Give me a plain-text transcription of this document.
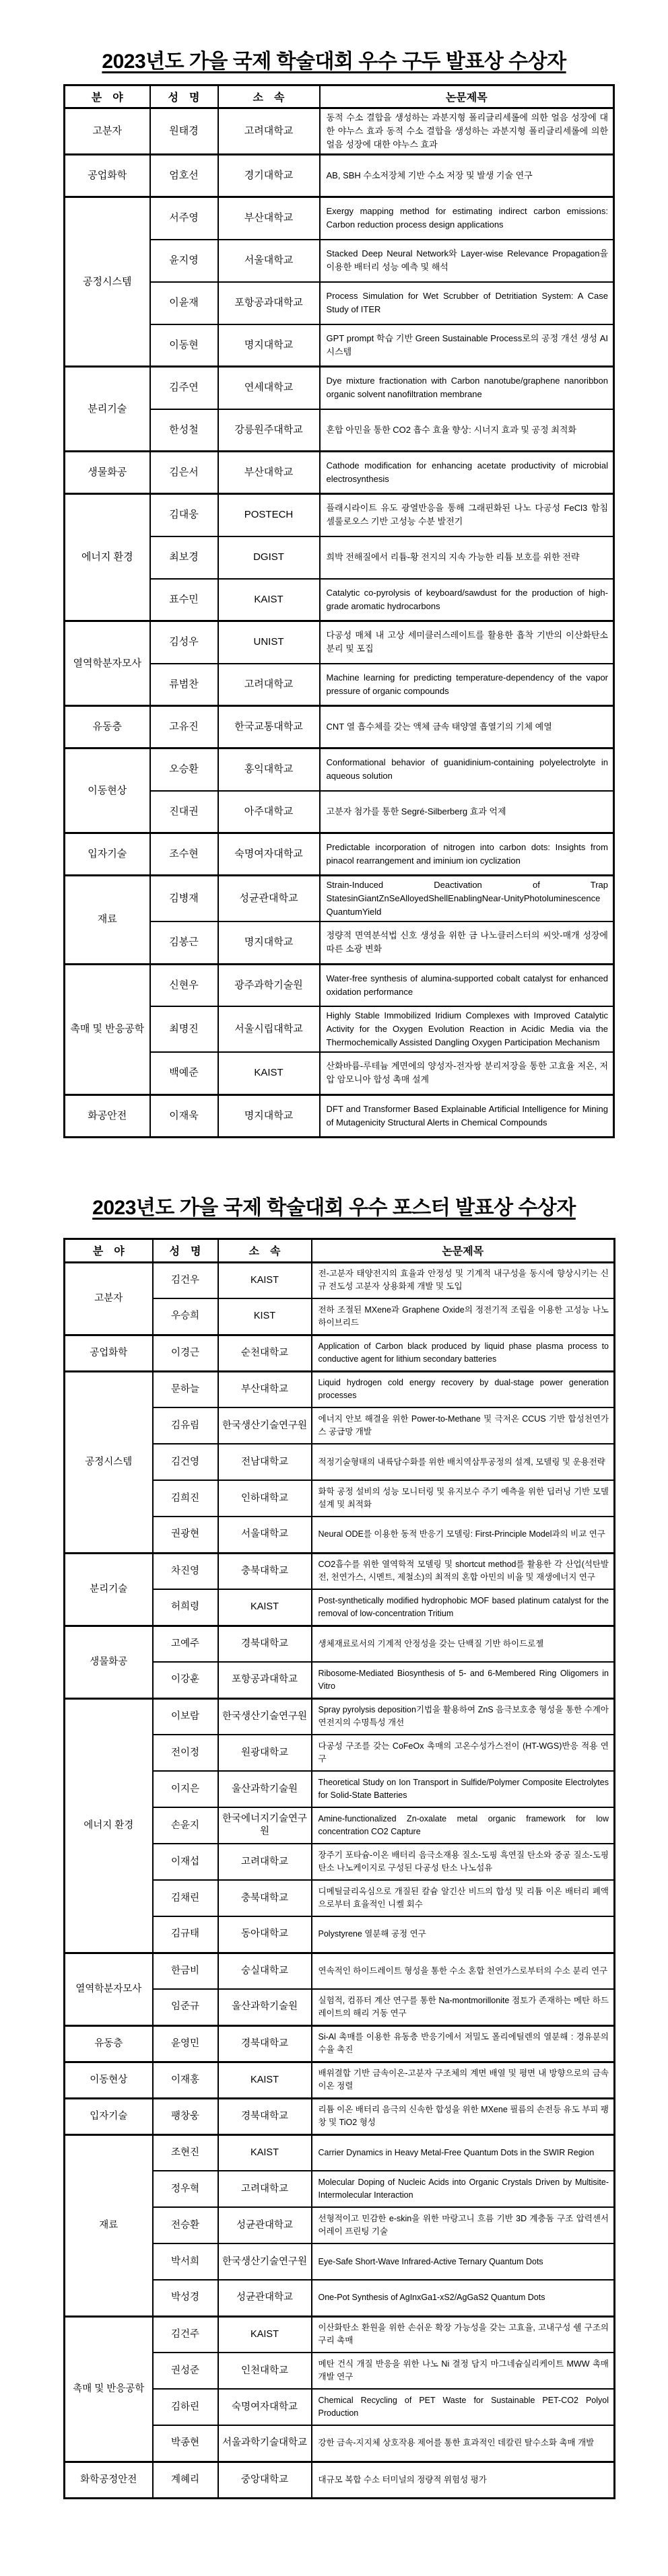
2023년도 가을 국제 학술대회 우수 구두 발표상 수상자
분　야	성　명	소　속	논문제목
고분자	원태경	고려대학교	동적 수소 결합을 생성하는 과분지형 폴리글리세롤에 의한 얼음 성장에 대한 야누스 효과 동적 수소 결합을 생성하는 과분지형 폴리글리세롤에 의한 얼음 성장에 대한 야누스 효과
공업화학	엄호선	경기대학교	AB, SBH 수소저장체 기반 수소 저장 및 발생 기술 연구
공정시스템	서주영	부산대학교	Exergy mapping method for estimating indirect carbon emissions: Carbon reduction process design applications
	윤지영	서울대학교	Stacked Deep Neural Network와 Layer-wise Relevance Propagation을 이용한 배터리 성능 예측 및 해석
	이윤재	포항공과대학교	Process Simulation for Wet Scrubber of Detritiation System: A Case Study of ITER
	이동현	명지대학교	GPT prompt 학습 기반 Green Sustainable Process로의 공정 개선 생성 AI 시스템
분리기술	김주연	연세대학교	Dye mixture fractionation with Carbon nanotube/graphene nanoribbon organic solvent nanofiltration membrane
	한성철	강릉원주대학교	혼합 아민을 통한 CO2 흡수 효율 향상: 시너지 효과 및 공정 최적화
생물화공	김은서	부산대학교	Cathode modification for enhancing acetate productivity of microbial electrosynthesis
에너지 환경	김대웅	POSTECH	플래시라이트 유도 광열반응을 통해 그래핀화된 나노 다공성 FeCl3 함침 셀룰로오스 기반 고성능 수분 발전기
	최보경	DGIST	희박 전해질에서 리튬-황 전지의 지속 가능한 리튬 보호를 위한 전략
	표수민	KAIST	Catalytic co-pyrolysis of keyboard/sawdust for the production of high-grade aromatic hydrocarbons
열역학분자모사	김성우	UNIST	다공성 매체 내 고상 세미클러스레이트를 활용한 흡착 기반의 이산화탄소 분리 및 포집
	류범찬	고려대학교	Machine learning for predicting temperature-dependency of the vapor pressure of organic compounds
유동층	고유진	한국교통대학교	CNT 열 흡수체를 갖는 액체 금속 태양열 흡열기의 기체 예열
이동현상	오승환	홍익대학교	Conformational behavior of guanidinium-containing polyelectrolyte in aqueous solution
	진대권	아주대학교	고분자 첨가를 통한 Segré-Silberberg 효과 억제
입자기술	조수현	숙명여자대학교	Predictable incorporation of nitrogen into carbon dots: Insights from pinacol rearrangement and iminium ion cyclization
재료	김병재	성균관대학교	Strain-Induced Deactivation of Trap StatesinGiantZnSeAlloyedShellEnablingNear-UnityPhotoluminescence QuantumYield
	김봉근	명지대학교	정량적 면역분석법 신호 생성을 위한 금 나노클러스터의 씨앗-매개 성장에 따른 소광 변화
촉매 및 반응공학	신현우	광주과학기술원	Water-free synthesis of alumina-supported cobalt catalyst for enhanced oxidation performance
	최명진	서울시립대학교	Highly Stable Immobilized Iridium Complexes with Improved Catalytic Activity for the Oxygen Evolution Reaction in Acidic Media via the Thermochemically Assisted Dangling Oxygen Participation Mechanism
	백예준	KAIST	산화바륨-루테늄 계면에의 양성자-전자쌍 분리저장을 통한 고효율 저온, 저압 암모니아 합성 촉매 설계
화공안전	이재욱	명지대학교	DFT and Transformer Based Explainable Artificial Intelligence for Mining of Mutagenicity Structural Alerts in Chemical Compounds
2023년도 가을 국제 학술대회 우수 포스터 발표상 수상자
분　야	성　명	소　속	논문제목
고분자	김건우	KAIST	전-고분자 태양전지의 효율과 안정성 및 기계적 내구성을 동시에 향상시키는 신규 전도성 고분자 상용화제 개발 및 도입
	우승희	KIST	전하 조절된 MXene과 Graphene Oxide의 정전기적 조립을 이용한 고성능 나노 하이브리드
공업화학	이경근	순천대학교	Application of Carbon black produced by liquid phase plasma process to conductive agent for lithium secondary batteries
공정시스템	문하늘	부산대학교	Liquid hydrogen cold energy recovery by dual-stage power generation processes
	김유림	한국생산기술연구원	에너지 안보 해결을 위한 Power-to-Methane 및 극저온 CCUS 기반 합성천연가스 공급망 개발
	김건영	전남대학교	적정기술형태의 내륙담수화를 위한 배치역삼투공정의 설계, 모델링 및 운용전략
	김희진	인하대학교	화학 공정 설비의 성능 모니터링 및 유지보수 주기 예측을 위한 딥러닝 기반 모델 설계 및 최적화
	권광현	서울대학교	Neural ODE를 이용한 동적 반응기 모델링: First-Principle Model과의 비교 연구
분리기술	차진영	충북대학교	CO2흡수를 위한 열역학적 모델링 및 shortcut method를 활용한 각 산업(석탄발전, 천연가스, 시멘트, 제철소)의 최적의 혼합 아민의 비율 및 재생에너지 연구
	허희령	KAIST	Post-synthetically modified hydrophobic MOF based platinum catalyst for the removal of low-concentration Tritium
생물화공	고예주	경북대학교	생체재료로서의 기계적 안정성을 갖는 단백질 기반 하이드로젤
	이강훈	포항공과대학교	Ribosome-Mediated Biosynthesis of 5- and 6-Membered Ring Oligomers in Vitro
에너지 환경	이보람	한국생산기술연구원	Spray pyrolysis deposition기법을 활용하여 ZnS 음극보호층 형성을 통한 수계아연전지의 수명특성 개선
	전이정	원광대학교	다공성 구조를 갖는 CoFeOx 촉매의 고온수성가스전이 (HT-WGS)반응 적용 연구
	이지은	울산과학기술원	Theoretical Study on Ion Transport in Sulfide/Polymer Composite Electrolytes for Solid-State Batteries
	손윤지	한국에너지기술연구원	Amine-functionalized Zn-oxalate metal organic framework for low concentration CO2 Capture
	이재섭	고려대학교	장주기 포타슘-이온 배터리 음극소재용 질소-도핑 흑연질 탄소와 중공 질소-도핑 탄소 나노케이지로 구성된 다공성 탄소 나노섬유
	김채린	충북대학교	디메틸글리옥심으로 개질된 칼슘 알긴산 비드의 합성 및 리튬 이온 배터리 폐액으로부터 효율적인 니켈 회수
	김규태	동아대학교	Polystyrene 열분해 공정 연구
열역학분자모사	한금비	숭실대학교	연속적인 하이드레이트 형성을 통한 수소 혼합 천연가스로부터의 수소 분리 연구
	임준규	울산과학기술원	실험적, 컴퓨터 계산 연구를 통한 Na-montmorillonite 점토가 존재하는 메탄 하드레이트의 해리 거동 연구
유동층	윤영민	경북대학교	Si-Al 촉매를 이용한 유동층 반응기에서 저밀도 폴리에틸렌의 열분해 : 경유분의 수율 촉진
이동현상	이재홍	KAIST	배위결합 기반 금속이온-고분자 구조체의 계면 배열 및 평면 내 방향으로의 금속이온 정렬
입자기술	팽창웅	경북대학교	리튬 이온 배터리 음극의 신속한 합성을 위한 MXene 필름의 손전등 유도 부피 팽창 및 TiO2 형성
재료	조현진	KAIST	Carrier Dynamics in Heavy Metal-Free Quantum Dots in the SWIR Region
	정우혁	고려대학교	Molecular Doping of Nucleic Acids into Organic Crystals Driven by Multisite-Intermolecular Interaction
	전승환	성균관대학교	선형적이고 민감한 e-skin을 위한 마랑고니 흐름 기반 3D 계층돔 구조 압력센서 어레이 프린팅 기술
	박서희	한국생산기술연구원	Eye-Safe Short-Wave Infrared-Active Ternary Quantum Dots
	박성경	성균관대학교	One-Pot Synthesis of AgInxGa1-xS2/AgGaS2 Quantum Dots
촉매 및 반응공학	김건주	KAIST	이산화탄소 환원을 위한 손쉬운 확장 가능성을 갖는 고효율, 고내구성 쉘 구조의 구리 촉매
	권성준	인천대학교	메탄 건식 개질 반응을 위한 나노 Ni 결정 담지 마그네슘실리케이트 MWW 촉매 개발 연구
	김하린	숙명여자대학교	Chemical Recycling of PET Waste for Sustainable PET-CO2 Polyol Production
	박종현	서울과학기술대학교	강한 금속-지지체 상호작용 제어를 통한 효과적인 데칼린 탈수소화 촉매 개발
화학공정안전	계혜리	중앙대학교	대규모 복합 수소 터미널의 정량적 위험성 평가
